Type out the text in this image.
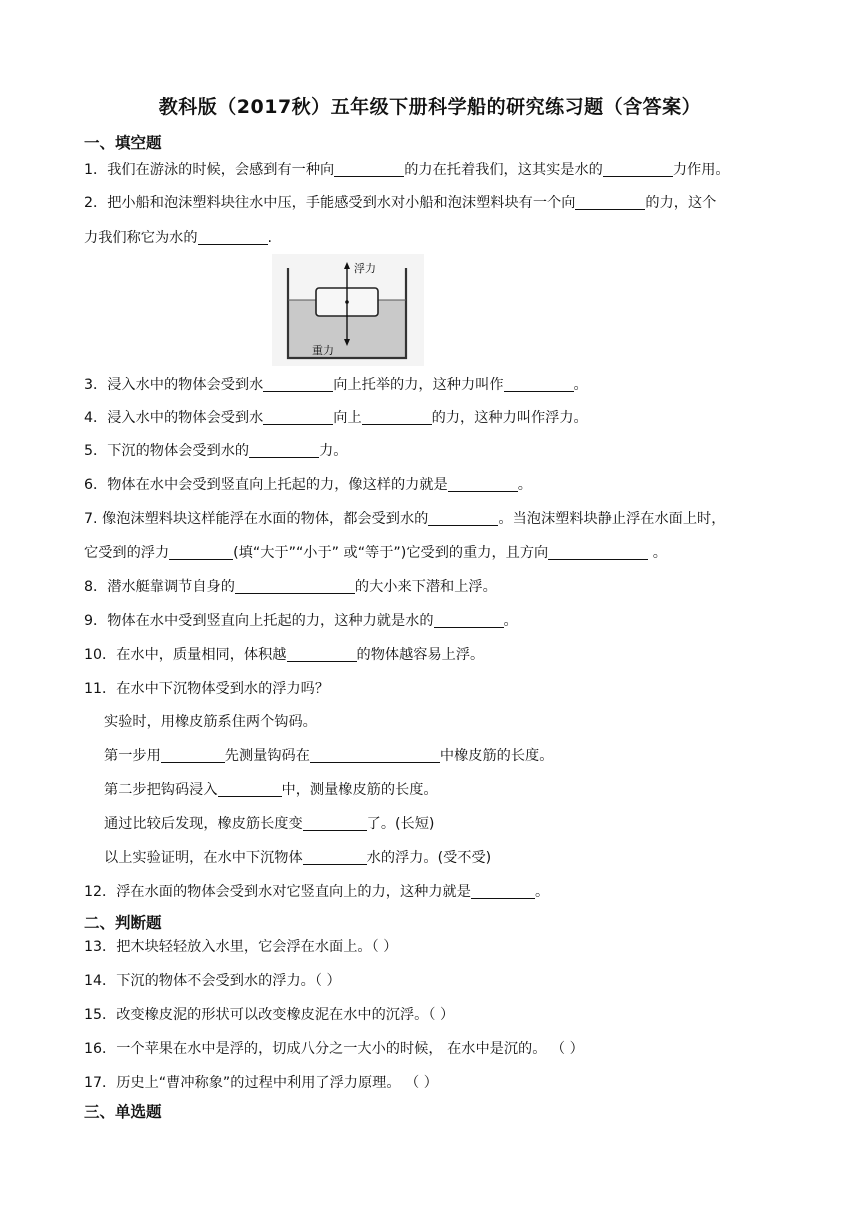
教科版（2017秋）五年级下册科学船的研究练习题（含答案）
一、填空题
1．我们在游泳的时候，会感到有一种向	的力在托着我们，这其实是水的	力作用。
2．把小船和泡沫塑料块往水中压，手能感受到水对小船和泡沫塑料块有一个向	的力，这个
力我们称它为水的	.
浮力
重力
3．浸入水中的物体会受到水	向上托举的力，这种力叫作	。
4．浸入水中的物体会受到水	向上	的力，这种力叫作浮力。
5．下沉的物体会受到水的	力。
6．物体在水中会受到竖直向上托起的力，像这样的力就是	。
7. 像泡沫塑料块这样能浮在水面的物体，都会受到水的	。当泡沫塑料块静止浮在水面上时，
它受到的浮力	(填“大于”“小于” 或“等于”)它受到的重力，且方向	。
8．潜水艇靠调节自身的	的大小来下潜和上浮。
9．物体在水中受到竖直向上托起的力，这种力就是水的	。
10．在水中，质量相同，体积越	的物体越容易上浮。
11．在水中下沉物体受到水的浮力吗？
实验时，用橡皮筋系住两个钩码。
第一步用	先测量钩码在	中橡皮筋的长度。
第二步把钩码浸入	中，测量橡皮筋的长度。
通过比较后发现，橡皮筋长度变	了。(长短)
以上实验证明，在水中下沉物体	水的浮力。(受不受)
12．浮在水面的物体会受到水对它竖直向上的力，这种力就是	。
二、判断题
13．把木块轻轻放入水里，它会浮在水面上。（ ）
14．下沉的物体不会受到水的浮力。（ ）
15．改变橡皮泥的形状可以改变橡皮泥在水中的沉浮。（ ）
16．一个苹果在水中是浮的，切成八分之一大小的时候， 在水中是沉的。 （ ）
17．历史上“曹冲称象”的过程中利用了浮力原理。 （ ）
三、单选题
